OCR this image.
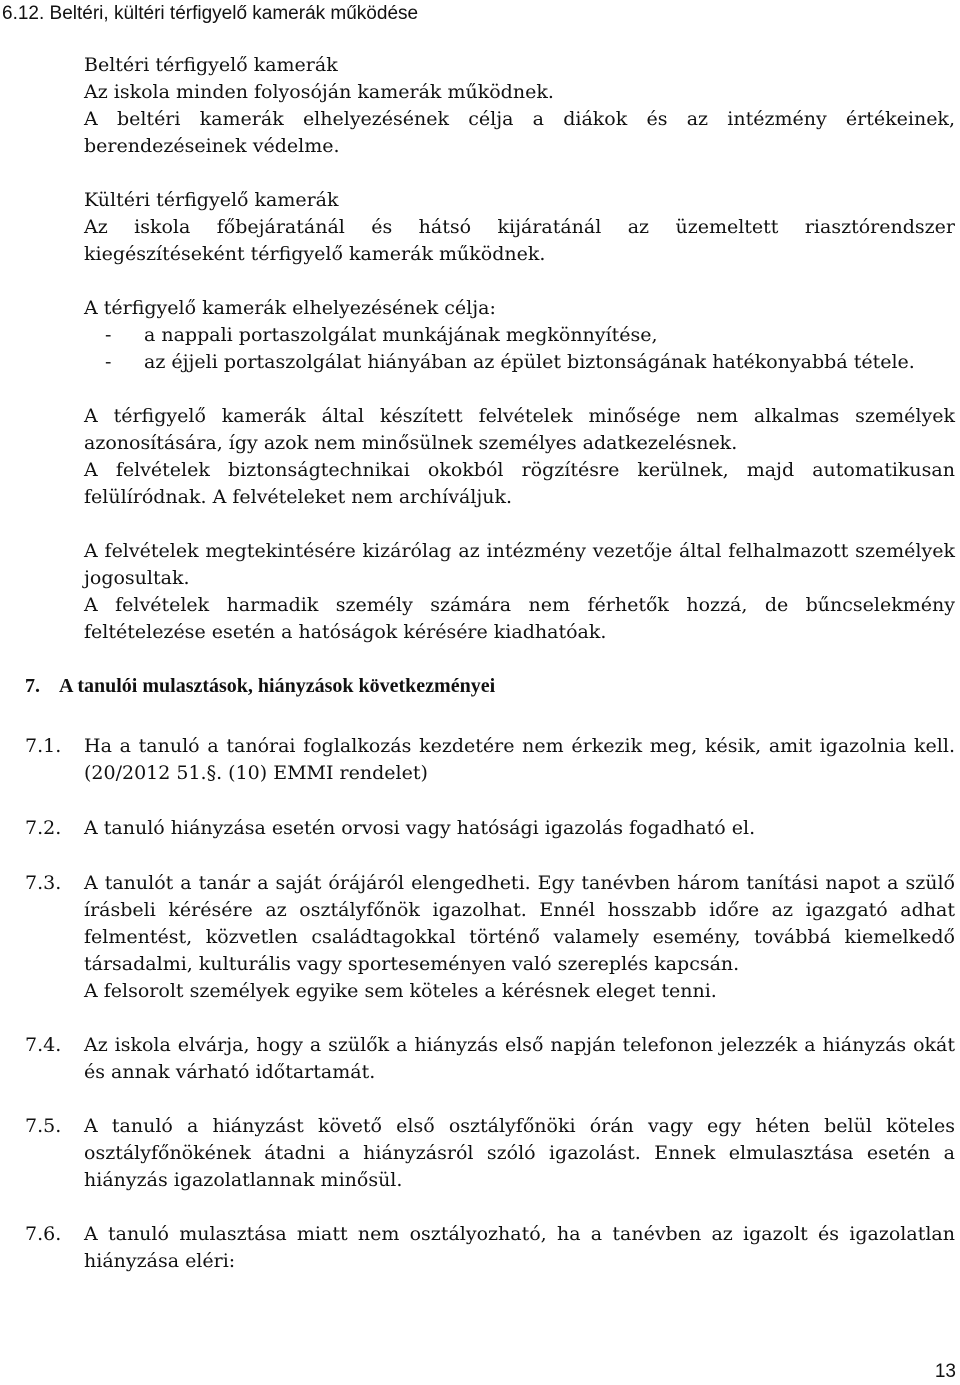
6.12. Beltéri, kültéri térfigyelő kamerák működése
Beltéri térfigyelő kamerák
Az iskola minden folyosóján kamerák működnek.
A beltéri kamerák elhelyezésének célja a diákok és az intézmény értékeinek, berendezéseinek védelme.
Kültéri térfigyelő kamerák
Az iskola főbejáratánál és hátsó kijáratánál az üzemeltett riasztórendszer kiegészítéseként térfigyelő kamerák működnek.
A térfigyelő kamerák elhelyezésének célja:
- a nappali portaszolgálat munkájának megkönnyítése,
- az éjjeli portaszolgálat hiányában az épület biztonságának hatékonyabbá tétele.
A térfigyelő kamerák által készített felvételek minősége nem alkalmas személyek azonosítására, így azok nem minősülnek személyes adatkezelésnek.
A felvételek biztonságtechnikai okokból rögzítésre kerülnek, majd automatikusan felülíródnak. A felvételeket nem archíváljuk.
A felvételek megtekintésére kizárólag az intézmény vezetője által felhalmazott személyek jogosultak.
A felvételek harmadik személy számára nem férhetők hozzá, de bűncselekmény feltételezése esetén a hatóságok kérésére kiadhatóak.
7. A tanulói mulasztások, hiányzások következményei
7.1. Ha a tanuló a tanórai foglalkozás kezdetére nem érkezik meg, késik, amit igazolnia kell. (20/2012 51.§. (10) EMMI rendelet)
7.2. A tanuló hiányzása esetén orvosi vagy hatósági igazolás fogadható el.
7.3. A tanulót a tanár a saját órájáról elengedheti. Egy tanévben három tanítási napot a szülő írásbeli kérésére az osztályfőnök igazolhat. Ennél hosszabb időre az igazgató adhat felmentést, közvetlen családtagokkal történő valamely esemény, továbbá kiemelkedő társadalmi, kulturális vagy sporteseményen való szereplés kapcsán.
A felsorolt személyek egyike sem köteles a kérésnek eleget tenni.
7.4. Az iskola elvárja, hogy a szülők a hiányzás első napján telefonon jelezzék a hiányzás okát és annak várható időtartamát.
7.5. A tanuló a hiányzást követő első osztályfőnöki órán vagy egy héten belül köteles osztályfőnökének átadni a hiányzásról szóló igazolást. Ennek elmulasztása esetén a hiányzás igazolatlannak minősül.
7.6. A tanuló mulasztása miatt nem osztályozható, ha a tanévben az igazolt és igazolatlan hiányzása eléri:
13
